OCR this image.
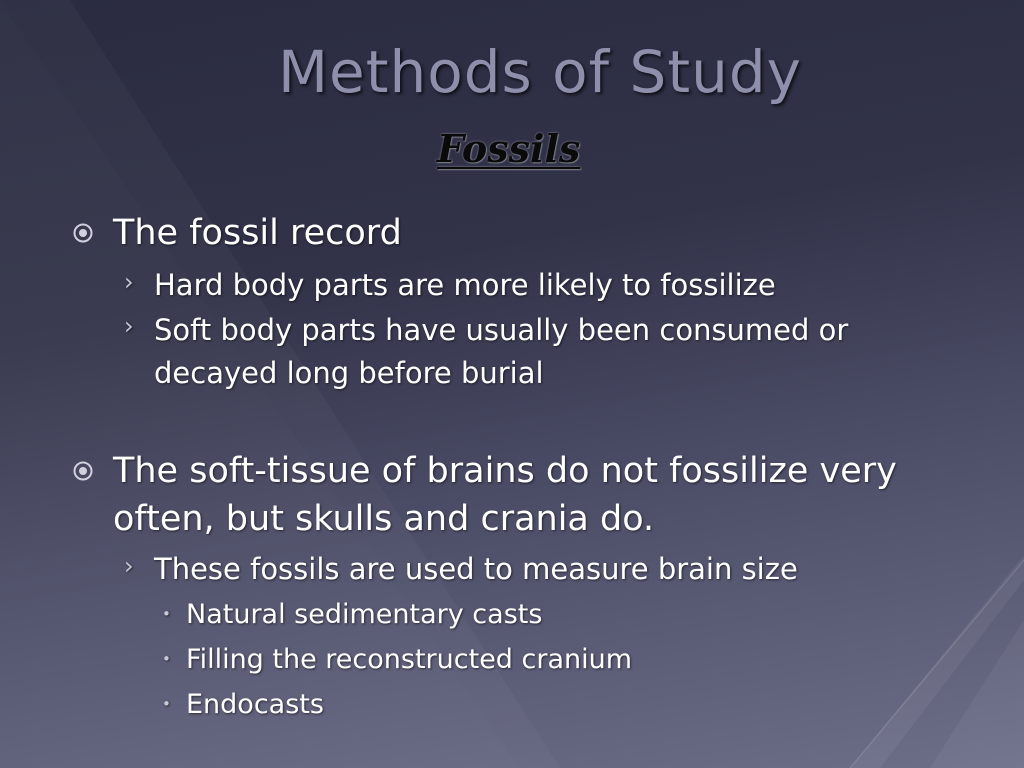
Methods of Study
Fossils
The fossil record
› Hard body parts are more likely to fossilize
› Soft body parts have usually been consumed or decayed long before burial
The soft-tissue of brains do not fossilize very often, but skulls and crania do.
› These fossils are used to measure brain size
• Natural sedimentary casts
• Filling the reconstructed cranium
• Endocasts
